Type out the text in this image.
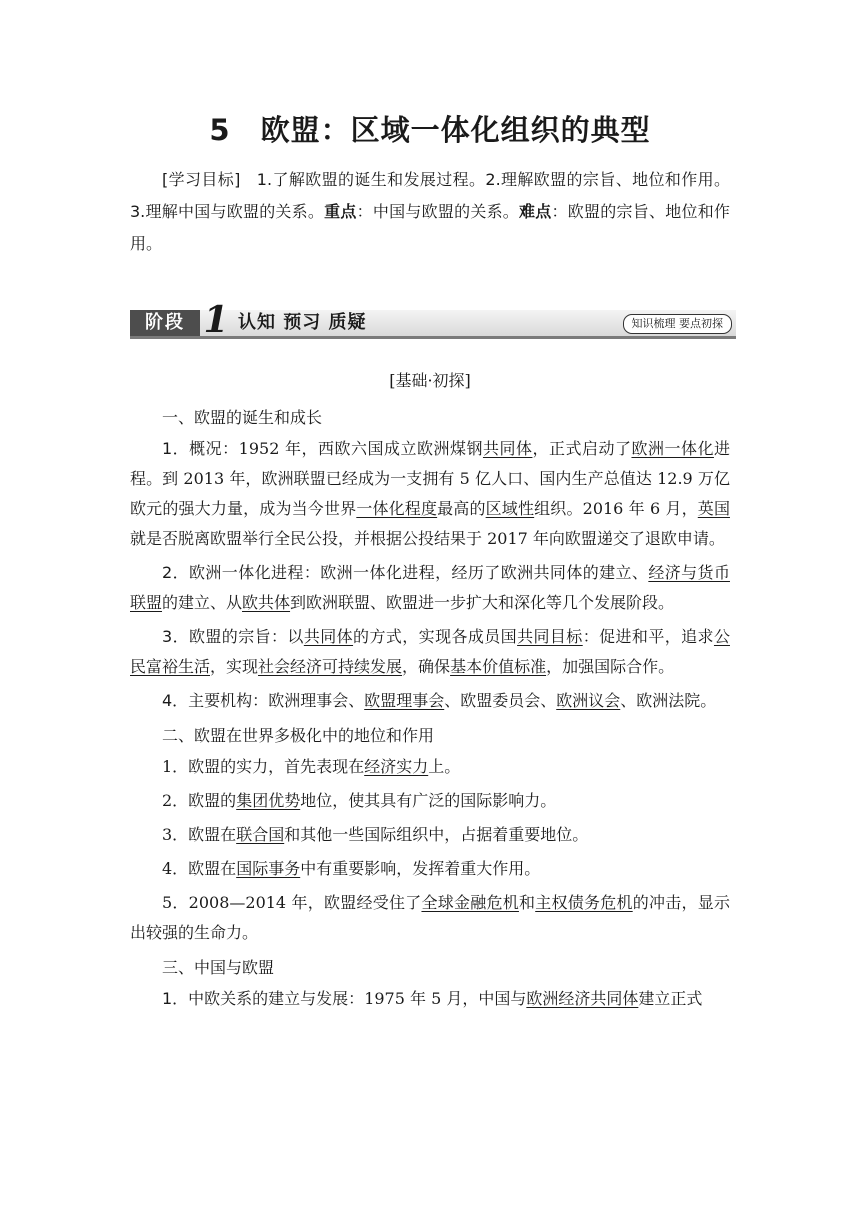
5 欧盟：区域一体化组织的典型

[学习目标] 1.了解欧盟的诞生和发展过程。2.理解欧盟的宗旨、地位和作用。3.理解中国与欧盟的关系。重点：中国与欧盟的关系。难点：欧盟的宗旨、地位和作用。

阶段 1 认知 预习 质疑	知识梳理 要点初探
[基础·初探]
一、欧盟的诞生和成长

1．概况：1952 年，西欧六国成立欧洲煤钢共同体，正式启动了欧洲一体化进程。到 2013 年，欧洲联盟已经成为一支拥有 5 亿人口、国内生产总值达 12.9 万亿欧元的强大力量，成为当今世界一体化程度最高的区域性组织。2016 年 6 月，英国就是否脱离欧盟举行全民公投，并根据公投结果于 2017 年向欧盟递交了退欧申请。

2．欧洲一体化进程：欧洲一体化进程，经历了欧洲共同体的建立、经济与货币联盟的建立、从欧共体到欧洲联盟、欧盟进一步扩大和深化等几个发展阶段。

3．欧盟的宗旨：以共同体的方式，实现各成员国共同目标：促进和平，追求公民富裕生活，实现社会经济可持续发展，确保基本价值标准，加强国际合作。

4．主要机构：欧洲理事会、欧盟理事会、欧盟委员会、欧洲议会、欧洲法院。

二、欧盟在世界多极化中的地位和作用

1．欧盟的实力，首先表现在经济实力上。

2．欧盟的集团优势地位，使其具有广泛的国际影响力。

3．欧盟在联合国和其他一些国际组织中，占据着重要地位。

4．欧盟在国际事务中有重要影响，发挥着重大作用。

5．2008—2014 年，欧盟经受住了全球金融危机和主权债务危机的冲击，显示出较强的生命力。

三、中国与欧盟

1．中欧关系的建立与发展：1975 年 5 月，中国与欧洲经济共同体建立正式
